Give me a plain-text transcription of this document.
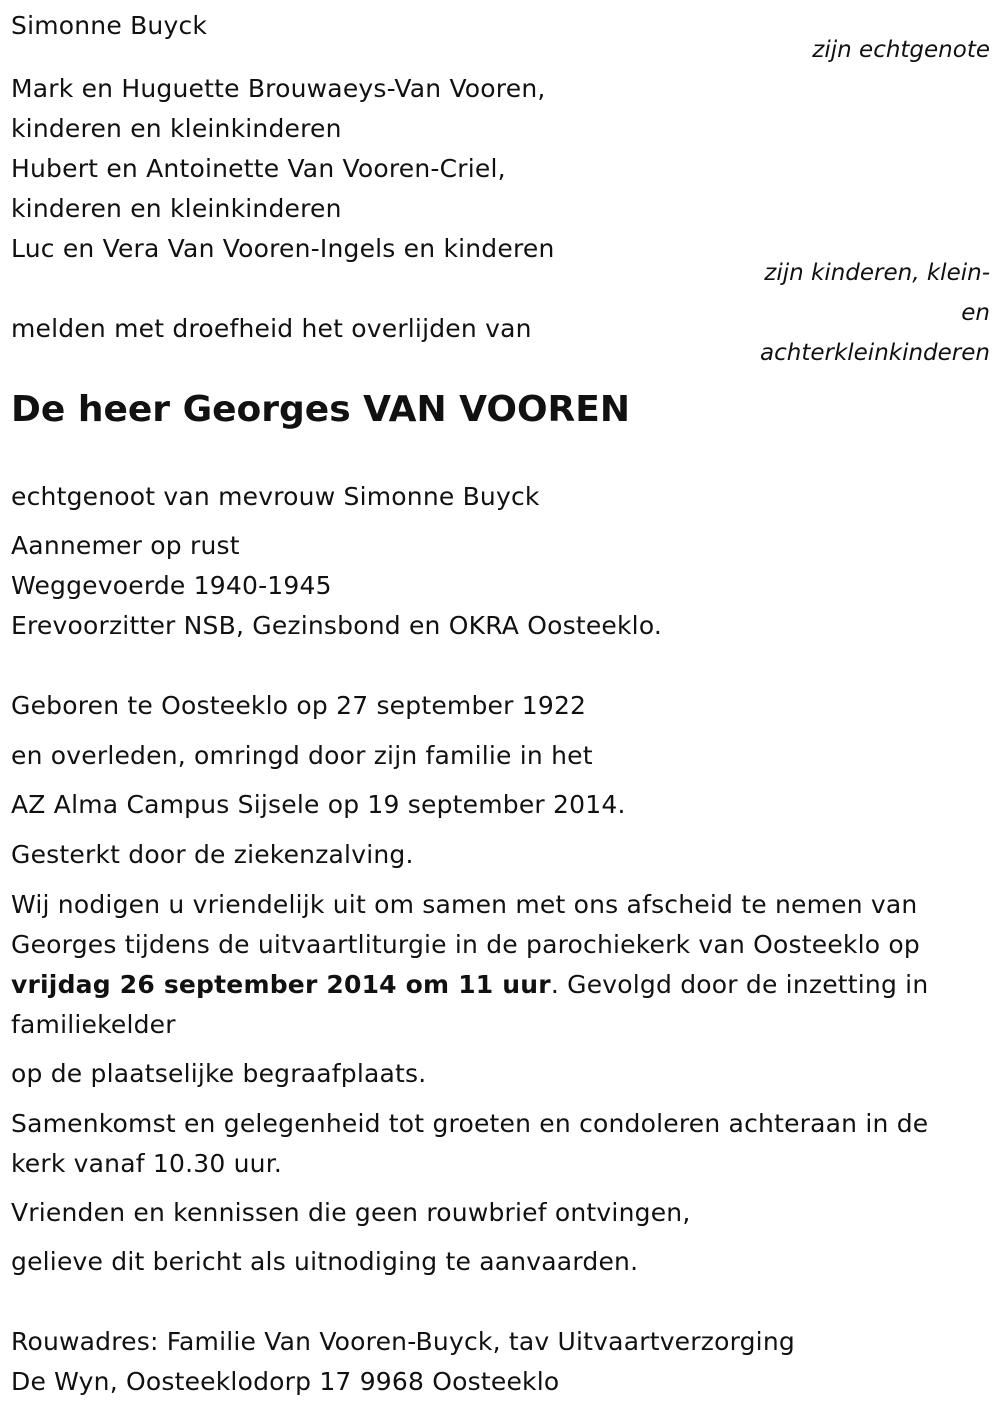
Simonne Buyck
zijn echtgenote
Mark en Huguette Brouwaeys-Van Vooren,
kinderen en kleinkinderen
Hubert en Antoinette Van Vooren-Criel,
kinderen en kleinkinderen
Luc en Vera Van Vooren-Ingels en kinderen
zijn kinderen, klein-
en
achterkleinkinderen
melden met droefheid het overlijden van
De heer Georges VAN VOOREN
echtgenoot van mevrouw Simonne Buyck
Aannemer op rust
Weggevoerde 1940-1945
Erevoorzitter NSB, Gezinsbond en OKRA Oosteeklo.
Geboren te Oosteeklo op 27 september 1922
en overleden, omringd door zijn familie in het
AZ Alma Campus Sijsele op 19 september 2014.
Gesterkt door de ziekenzalving.
Wij nodigen u vriendelijk uit om samen met ons afscheid te nemen van Georges tijdens de uitvaartliturgie in de parochiekerk van Oosteeklo op vrijdag 26 september 2014 om 11 uur. Gevolgd door de inzetting in familiekelder
op de plaatselijke begraafplaats.
Samenkomst en gelegenheid tot groeten en condoleren achteraan in de kerk vanaf 10.30 uur.
Vrienden en kennissen die geen rouwbrief ontvingen,
gelieve dit bericht als uitnodiging te aanvaarden.
Rouwadres: Familie Van Vooren-Buyck, tav Uitvaartverzorging
De Wyn, Oosteeklodorp 17 9968 Oosteeklo
